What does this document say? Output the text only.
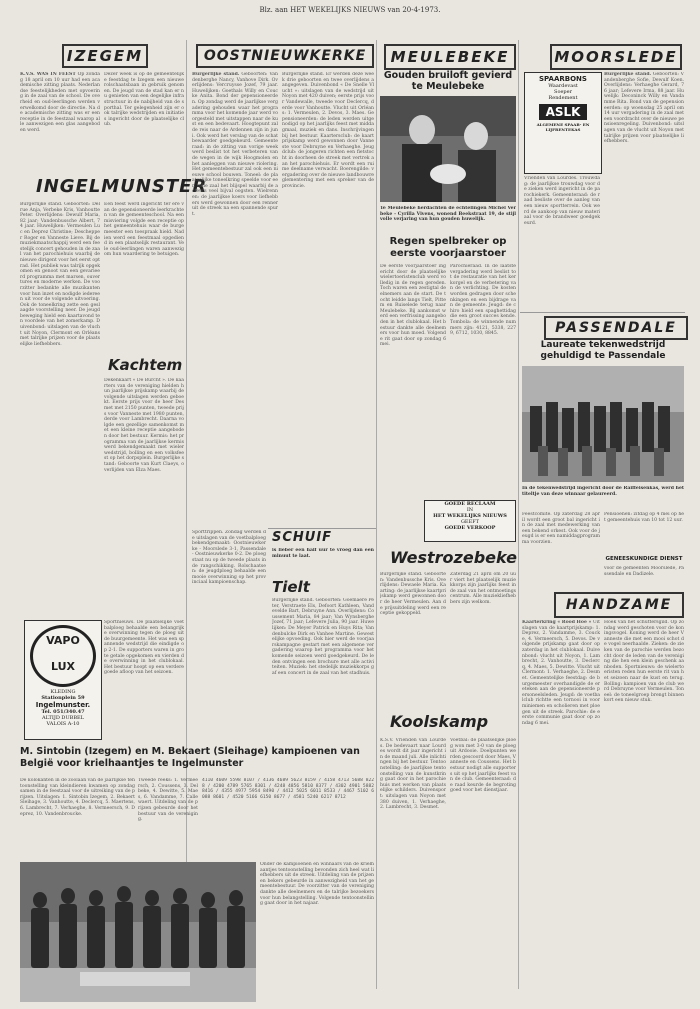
Blz. aan HET WEKELIJKS NIEUWS van 20-4-1973.
IZEGEM
K.V.S. WAS IN FEEST Op zondag 18 april om 10 uur had een academische zitting plaats. Nederlandse feestelijkheden met opvoering in de zaal van de school. De overheid en oud-leerlingen werden verwelkomd door de directie. Na de academische zitting was er een receptie in de feestzaal waarop alle aanwezigen een glas aangeboden werd.
Dezer week is op de gemeentelijke feestdag te Izegem een nieuwe rolschaatsbaan in gebruik genomen. De jeugd van de stad kan er nu genieten van een degelijke infrastructuur in de nabijheid van de sporthal. Ter gelegenheid zijn er ook talrijke wedstrijden en initiaties ingericht door de plaatselijke club.
INGELMUNSTER
Burgerlijke stand. Geboorten: Delrue Anja, Verbeke Kris, Vanhoutte Peter. Overlijdens: Dewulf Maria, 82 jaar; Vandenbussche Albert, 74 jaar. Huwelijken: Vermeulen Luc en Deprez Christine; Deschepper Roger en Vanneste Lieve. Bij de muziekmaatschappij werd een feestelijk concert gehouden in de zaal van het parochiehuis waarbij de nieuwe dirigent voor het eerst optrad. Het publiek was talrijk opgekomen en genoot van een gevarieerd programma met marsen, ouvertures en moderne werken. De voorzitter bedankte alle muzikanten voor hun inzet en nodigde iedereen uit voor de volgende uitvoering. Ook de toneelkring zette een geslaagde voorstelling neer. De jeugdbeweging hield een kaartavond ten voordele van het zomerkamp. Duivenbond: uitslagen van de vlucht uit Noyon, Clermont en Orléans met talrijke prijzen voor de plaatselijke liefhebbers.
Een feest werd ingericht ter ere van de gepensioneerde leerkrachten van de gemeenteschool. Na een misviering volgde een receptie op het gemeentehuis waar de burgemeester een toespraak hield. Nadien werd een feestmaal opgediend in een plaatselijk restaurant. Vele oud-leerlingen waren aanwezig om hun waardering te betuigen.
Kachtem
Dekenkaart « De Burcht ». De kaarters van de vereniging hielden hun jaarlijkse prijskamp waarbij de volgende uitslagen werden geboekt. Eerste prijs voor de heer Desmet met 2150 punten, tweede prijs voor Vanneste met 1980 punten, derde voor Lambrecht. Daarna volgde een gezellige samenkomst met een kleine receptie aangeboden door het bestuur. Kermis: het programma van de jaarlijkse kermis werd bekendgemaakt met wielerwedstrijd, bolling en een volksfeest op het dorpsplein. Burgerlijke stand: Geboorte van Kurt Claeys, overlijden van Elza Maes.
VAPO LUX
KLEDING
Stationplein 59
Ingelmunster.
Tel. 051/340.47
ALTIJD DUBBEL
VALOIS A-10
Sportnieuws. De plaatselijke voetbalploeg behaalde een belangrijke overwinning tegen de ploeg uit de buurgemeente. Het was een spannende wedstrijd die eindigde op 2-1. De supporters waren in grote getale opgekomen en vierden de overwinning in het clublokaal. Het bestuur hoopt op een verdere goede afloop van het seizoen.
M. Sintobin (Izegem) en M. Bekaert (Sleihage) kampioenen van België voor krielhaantjes te Ingelmunster
De kolokanten in de zoolaan van de jaarlijkse tentoonstelling van kleindieren kwamen op zondag samen in de feestzaal voor de uitreiking van de prijzen. Uitslagen: 1. Sintobin Izegem, 2. Bekaert Sleihage, 3. Vanhoutte, 4. Declercq, 5. Maertens, 6. Lambrecht, 7. Verhaeghe, 8. Vermeersch, 9. Deprez, 10. Vandenbroucke.
Tweede reeks: 1. Vermeersch, 2. Coussens, 3. Delbeke, 4. Dewitte, 5. Maes, 6. Vandamme, 7. Callewaert. Uitdeling van de prijzen gebeurde door het bestuur van de vereniging.
4110 4609 5598 8107 / 4136 4689 5623 8159 / 4158 4713 5688 8228 / 4200 4789 5765 8301 / 4248 4856 5810 8377 / 4302 4901 5882 8416 / 4355 4977 5954 8490 / 4412 5025 6011 8533 / 4467 5102 6088 8601 / 4520 5166 6150 8677 / 4581 5240 6217 8712
Onder de kampioenen en winnaars van de krielhaantjes tentoonstelling bevonden zich heel wat liefhebbers uit de streek. Uitdeling van de prijzen en bekers gebeurde in aanwezigheid van het gemeentebestuur. De voorzitter van de vereniging dankte alle deelnemers en de talrijke bezoekers voor hun belangstelling. Volgende tentoonstelling gaat door in het najaar.
OOSTNIEUWKERKE
Burgerlijke stand. Geboorten: Vandenberghe Nancy, Vanhove Dirk. Overlijdens: Vercruysse Jozef, 79 jaar. Huwelijken: Goethals Willy en Coucke Anita. Bond der gepensioneerden. Op zondag werd de jaarlijkse vergadering gehouden waar het programma voor het komende jaar werd voorgesteld met uitstappen naar de kust en een bedevaart. Hoogtepunt zal de reis naar de Ardennen zijn in juni. Ook werd het verslag van de schatbewaarder goedgekeurd. Gemeenteraad: in de zitting van vorige week werd beslist tot het verbeteren van de wegen in de wijk Hoogmolen en het aanleggen van nieuwe riolering. Het gemeentebestuur zal ook een nieuwe school bouwen. Toneel: de plaatselijke toneelkring speelde voor een volle zaal het blijspel waarbij de acteurs veel bijval oogsten. Wielrennen: de jaarlijkse koers voor liefhebbers werd gewonnen door een renner uit de streek na een spannende spurt.
Burgerlijke stand. Er werden deze week drie geboorten en twee overlijdens aangegeven. Duivenbond « De Snelle Vlucht »: uitslagen van de wedstrijd uit Noyon met 420 duiven; eerste prijs voor Vandewalle, tweede voor Declercq, derde voor Vanhoutte. Vlucht uit Orléans: 1. Vermeulen, 2. Devos, 3. Maes. Gepensioneerden: de leden werden uitgenodigd op het jaarlijks feest met middagmaal, muziek en dans. Inschrijvingen bij het bestuur. Kaartersclub: de kaartprijskamp werd gewonnen door Vanneste voor Debruyne en Verhaeghe. Jeugdclub: de jongeren richten een fietstocht in doorheen de streek met vertrek aan het parochiehuis. Er wordt een ruime deelname verwacht. Boerengilde: vergadering over de nieuwe landbouwreglementering met een spreker van de provincie.
SCHUIF
is lieber een half uur te vroeg dan een minuut te laat.
Tielt
Sporttrippen. Zondag werden de uitslagen van de voetbalploeg bekendgemaakt: Oostnieuwkerke - Moorslede 3-1, Passendale - Oostnieuwkerke 0-2. De ploeg staat nu op de tweede plaats in de rangschikking. Rolschaatsen: de jeugdploeg behaalde een mooie overwinning op het provinciaal kampioenschap.
Burgerlijke stand. Geboorten: Goemaere Peter, Verstraete Els, Defoort Kathleen, Vandevelde Bart, Debruyne Ann. Overlijdens: Coussement Maria, 84 jaar; Van Wynsberghe Jozef, 71 jaar; Lefevere Julia, 90 jaar. Huwelijken: De Meyer Patrick en Huys Rita; Vandenbulcke Dirk en Vanhee Martine. Gewestelijke opvoeding. Ook hier werd de voorjaarskampagne gestart met een algemene vergadering waarop het programma voor het komende seizoen werd goedgekeurd. De leden ontvingen een brochure met alle activiteiten. Muziek: het stedelijk muziekkorps gaf een concert in de zaal van het stadhuis.
MEULEBEKE
Gouden bruiloft gevierd te Meulebeke
Te Meulebeke herdachten de echtelingen Michel Verbeke - Cyrilla Vivens, wonend Beekstraat 19, de stijlvolle verjaring van hun gouden huwelijk.
Regen spelbreker op eerste voorjaarstoer
De eerste voorjaarstoer ingericht door de plaatselijke wielertoeristenclub werd volledig in de regen gereden. Toch waren een zestigtal deelnemers aan de start. De tocht leidde langs Tielt, Pittem en Ruiselede terug naar Meulebeke. Bij aankomst werd een verfrissing aangeboden in het clublokaal. Het bestuur dankte alle deelnemers voor hun moed. Volgende rit gaat door op zondag 6 mei.
Parochieraad. In de laatste vergadering werd beslist tot de restauratie van het kerkorgel en de verbetering van de verlichting. De kosten worden gedragen door schenkingen en een bijdrage van de gemeente. Jeugd: de chiro hield een spaghettidag die een groot succes kende. Tombola: de winnende nummers zijn: 4121, 5338, 2279, 6712, 1030, 8845.
Westrozebeke
GOEDE RECLAAM
IN
HET WEKELIJKS NIEUWS
GEEFT
GOEDE VERKOOP
Burgerlijke stand. Geboorten: Vandenbussche Kris. Overlijdens: Dewaele Maria. Kaarting: de jaarlijkse kaartprijskamp werd gewonnen door de heer Vermeulen. Aan de prijsuitdeling werd een receptie gekoppeld.
Zaterdag 21 april om 20 uur viert het plaatselijk muziekkorps zijn jaarlijks feest in de zaal van het ontmoetingscentrum. Alle muziekliefhebbers zijn welkom.
Koolskamp
K.S.V. Vrienden van Lourdes. De bedevaart naar Lourdes wordt dit jaar ingericht in de maand juli. Alle inlichtingen bij het bestuur. Tentoonstelling: de jaarlijkse tentoonstelling van de kunstkring gaat door in het parochiehuis met werken van plaatselijke schilders. Duivensport: uitslagen van Noyon met 380 duiven, 1. Verhaeghe, 2. Lambrecht, 3. Desmet.
Voetbal: de plaatselijke ploeg won met 3-0 van de ploeg uit Ardooie. Doelpunten werden gescoord door Maes, Vanneste en Coussens. Het bestuur nodigt alle supporters uit op het jaarlijks feest van de club. Gemeenteraad: de raad keurde de begroting goed voor het dienstjaar.
MOORSLEDE
SPAARBONS
Waardevast
Soeper
Rendement
ASLK
ALGEMENE SPAAR- EN LIJFRENTEKAS
Burgerlijke stand. Geboorten: Vandenberghe Sofie, Dewulf Koen. Overlijdens: Verhaeghe Gerard, 76 jaar; Lefevere Irma, 88 jaar. Huwelijk: Deconinck Willy en Vandamme Rita. Bond van de gepensioneerden: op woensdag 25 april om 14 uur vergadering in de zaal met een voordracht over de nieuwe pensioenregeling. Duivenbond: uitslagen van de vlucht uit Noyon met talrijke prijzen voor plaatselijke liefhebbers.
Vrienden van Lourdes. Trouwdag: de jaarlijkse trouwdag voor de zieken werd ingericht in de parochiekerk. Gemeenteraad: de raad besliste over de aanleg van een nieuw sportterrein. Ook werd de aankoop van nieuw materiaal voor de brandweer goedgekeurd.
PASSENDALE
Laureate tekenwedstrijd gehuldigd te Passendale
In de tekenwedstrijd ingericht door de Raiffeisenkas, werd het titeltje van deze winnaar gelaureerd.
Feestcomite. Op zaterdag 28 april wordt een groot bal ingericht in de zaal met medewerking van een bekend orkest. Ook voor de jeugd is er een namiddagprogramma voorzien.
Pensioenen: zitdag op 4 mei op het gemeentehuis van 10 tot 12 uur.
GENEESKUNDIGE DIENST
voor de gemeenten Moorslede, Passendale en Dadizele.
HANDZAME
Kaarterkring « Rood Hoe » Uitslagen van de kaartprijskamp: 1. Deprez, 2. Vandamme, 3. Coucke, 4. Vermeersch, 5. Devos. De volgende prijskamp gaat door op zaterdag in het clublokaal. Duivenbond: vlucht uit Noyon, 1. Lambrecht, 2. Vanhoutte, 3. Declercq, 4. Maes, 5. Dewitte. Vlucht uit Clermont: 1. Verhaeghe, 2. Desmet. Gemeentelijke feestdag: de burgemeester overhandigde de ereteken aan de gepensioneerde personeelsleden. Jeugd: de voetbalclub richtte een tornooi in voor miniemen en scholieren met ploegen uit de streek. Parochie: de eerste communie gaat door op zondag 6 mei.
Hoek van het schuttersgild. Op zondag werd geschoten voor de koningsvogel. Koning werd de heer Vanneste die met een mooi schot de vogel neerhaalde. Zieken: de zieken van de parochie werden bezocht door de leden van de vereniging die hen een klein geschenk aanboden. Sportnieuws: de wielertoeristen reden hun eerste rit van het seizoen naar de kust en terug. Bolling: kampioen van de club werd Debruyne voor Vermeulen. Toneel: de toneelgroep brengt binnenkort een nieuw stuk.
